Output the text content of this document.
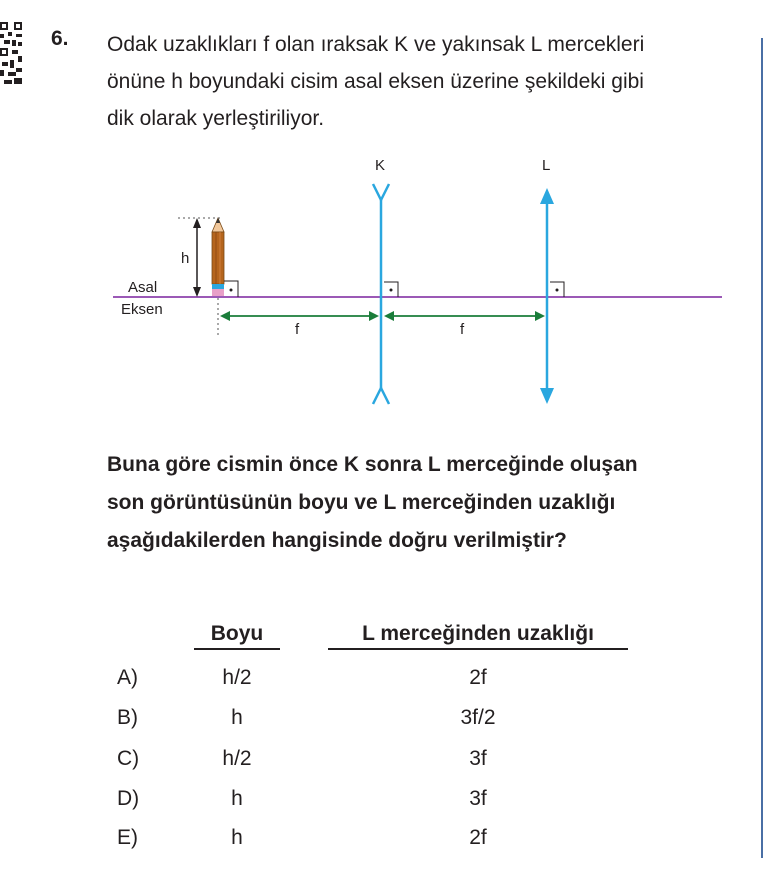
6. Odak uzaklıkları f olan ıraksak K ve yakınsak L mercekleri
önüne h boyundaki cisim asal eksen üzerine şekildeki gibi
dik olarak yerleştiriliyor.

Asal
Eksen
h
K	L
f	f

Buna göre cismin önce K sonra L merceğinde oluşan
son görüntüsünün boyu ve L merceğinden uzaklığı
aşağıdakilerden hangisinde doğru verilmiştir?

Boyu	L merceğinden uzaklığı
A)	h/2	2f
B)	h	3f/2
C)	h/2	3f
D)	h	3f
E)	h	2f
